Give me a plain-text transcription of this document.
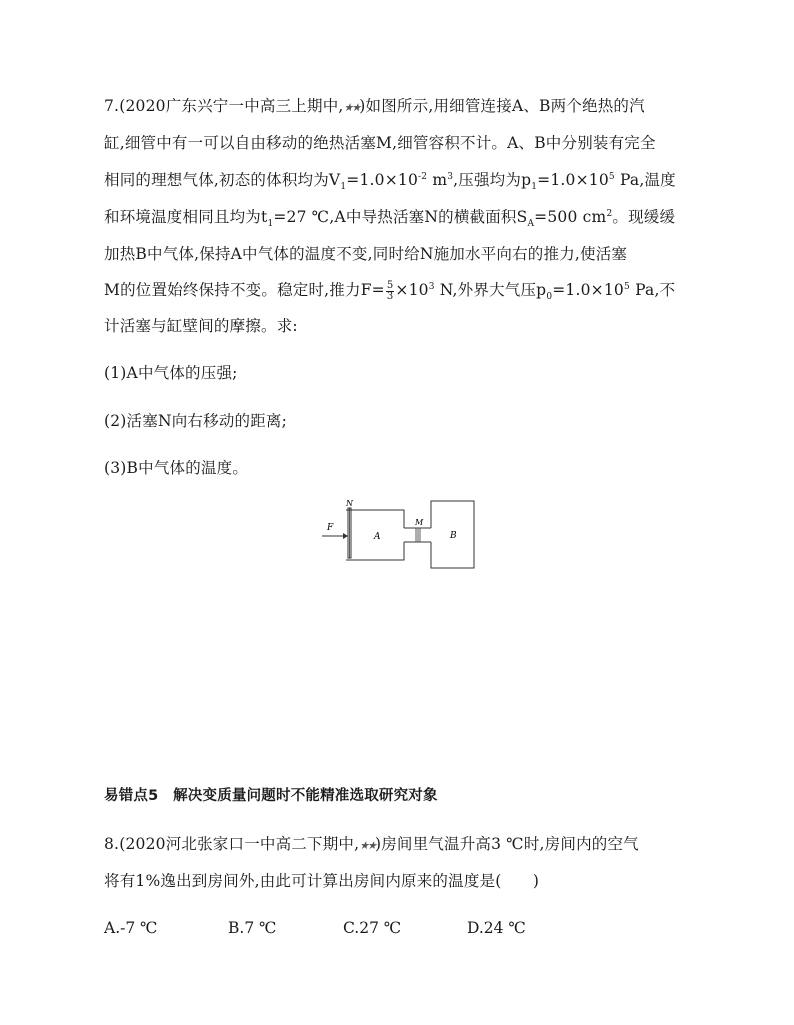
7.(2020广东兴宁一中高三上期中,★★)如图所示,用细管连接A、B两个绝热的汽
缸,细管中有一可以自由移动的绝热活塞M,细管容积不计。A、B中分别装有完全
相同的理想气体,初态的体积均为$V_1=1.0\times 10^{-2}$ $m^3$,压强均为$p_1=1.0\times 10^5$ Pa,温度
和环境温度相同且均为$t_1=27$ ℃,A中导热活塞N的横截面积$S_A=500$ $cm^2$。现缓缓
加热B中气体,保持A中气体的温度不变,同时给N施加水平向右的推力,使活塞
M的位置始终保持不变。稳定时,推力$F= \frac{5}{3} \times 10^3$ N,外界大气压$p_0=1.0\times 10^5$ Pa,不
计活塞与缸壁间的摩擦。求:
(1)A中气体的压强;
(2)活塞N向右移动的距离;
(3)B中气体的温度。
F
N
A
M
B
易错点5　解决变质量问题时不能精准选取研究对象
8.(2020河北张家口一中高二下期中,★★)房间里气温升高3 ℃时,房间内的空气
将有1%逸出到房间外,由此可计算出房间内原来的温度是(　　)
A.-7 ℃	B.7 ℃	C.27 ℃	D.24 ℃
